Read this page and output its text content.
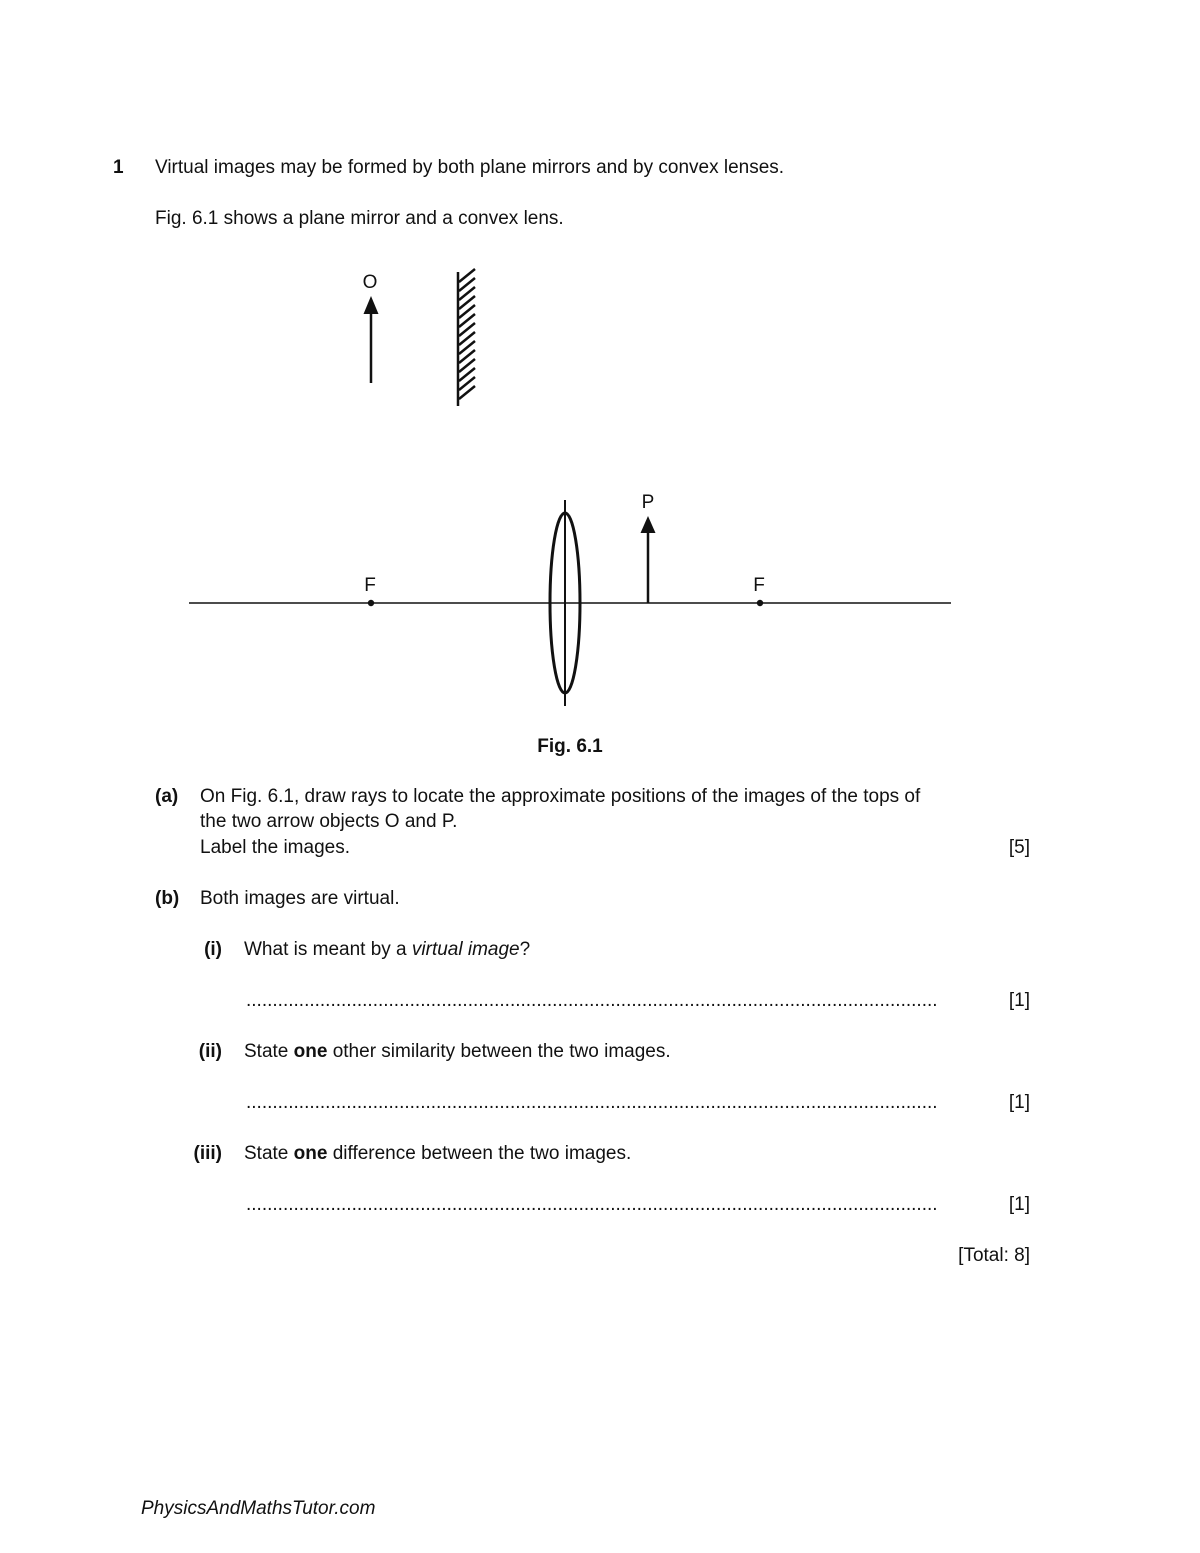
1 Virtual images may be formed by both plane mirrors and by convex lenses.
Fig. 6.1 shows a plane mirror and a convex lens.
O
F	F
P
Fig. 6.1
(a) On Fig. 6.1, draw rays to locate the approximate positions of the images of the tops of
the two arrow objects O and P.
Label the images.	[5]
(b) Both images are virtual.
(i) What is meant by a virtual image?
...................................................................................................................................	[1]
(ii) State one other similarity between the two images.
...................................................................................................................................	[1]
(iii) State one difference between the two images.
...................................................................................................................................	[1]
[Total: 8]
PhysicsAndMathsTutor.com
